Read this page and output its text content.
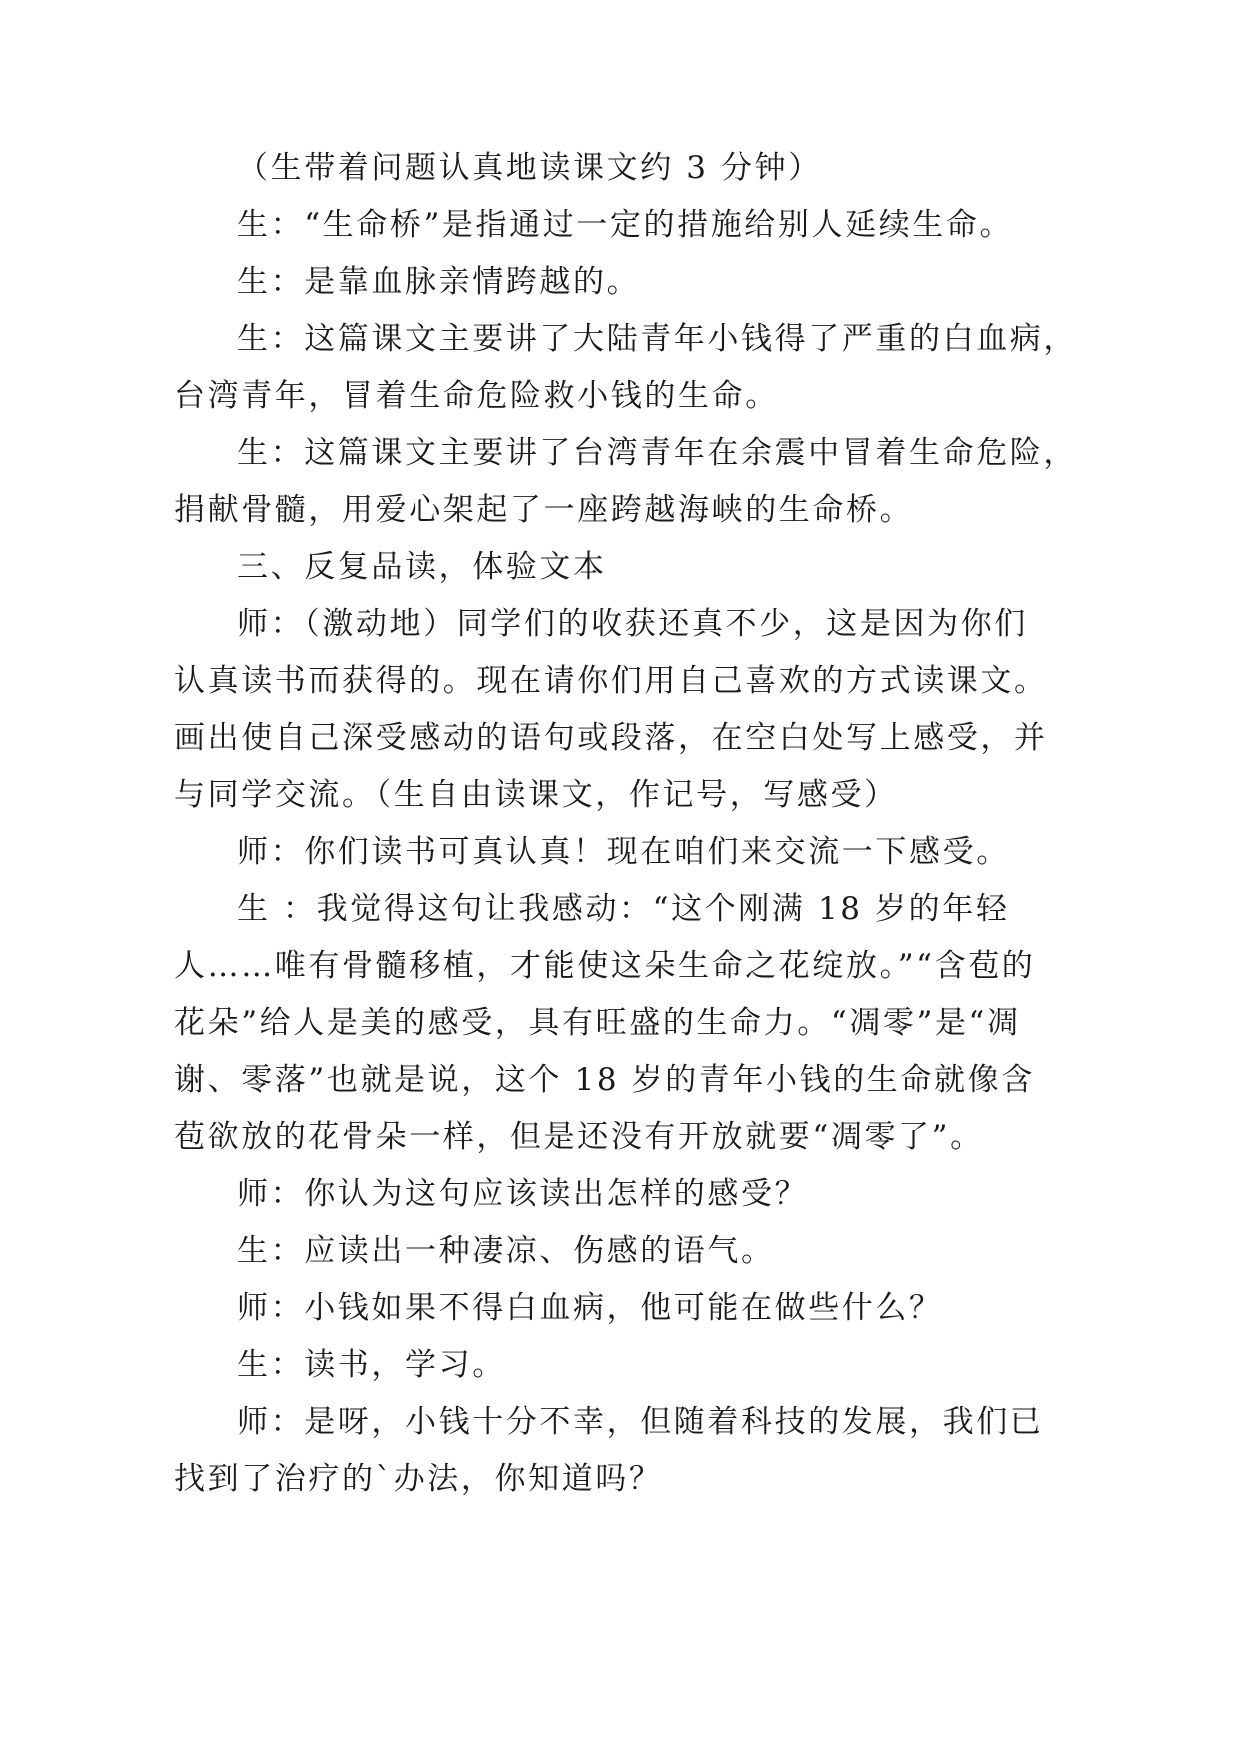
（生带着问题认真地读课文约 3 分钟）
生：“生命桥”是指通过一定的措施给别人延续生命。
生：是靠血脉亲情跨越的。
生：这篇课文主要讲了大陆青年小钱得了严重的白血病，
台湾青年，冒着生命危险救小钱的生命。
生：这篇课文主要讲了台湾青年在余震中冒着生命危险，
捐献骨髓，用爱心架起了一座跨越海峡的生命桥。
三、反复品读，体验文本
师：（激动地）同学们的收获还真不少，这是因为你们
认真读书而获得的。现在请你们用自己喜欢的方式读课文。
画出使自己深受感动的语句或段落，在空白处写上感受，并
与同学交流。（生自由读课文，作记号，写感受）
师：你们读书可真认真！现在咱们来交流一下感受。
生 ：我觉得这句让我感动：“这个刚满 18 岁的年轻
人……唯有骨髓移植，才能使这朵生命之花绽放。”“含苞的
花朵”给人是美的感受，具有旺盛的生命力。“凋零”是“凋
谢、零落”也就是说，这个 18 岁的青年小钱的生命就像含
苞欲放的花骨朵一样，但是还没有开放就要“凋零了”。
师：你认为这句应该读出怎样的感受？
生：应读出一种凄凉、伤感的语气。
师：小钱如果不得白血病，他可能在做些什么？
生：读书，学习。
师：是呀，小钱十分不幸，但随着科技的发展，我们已
找到了治疗的`办法，你知道吗？
